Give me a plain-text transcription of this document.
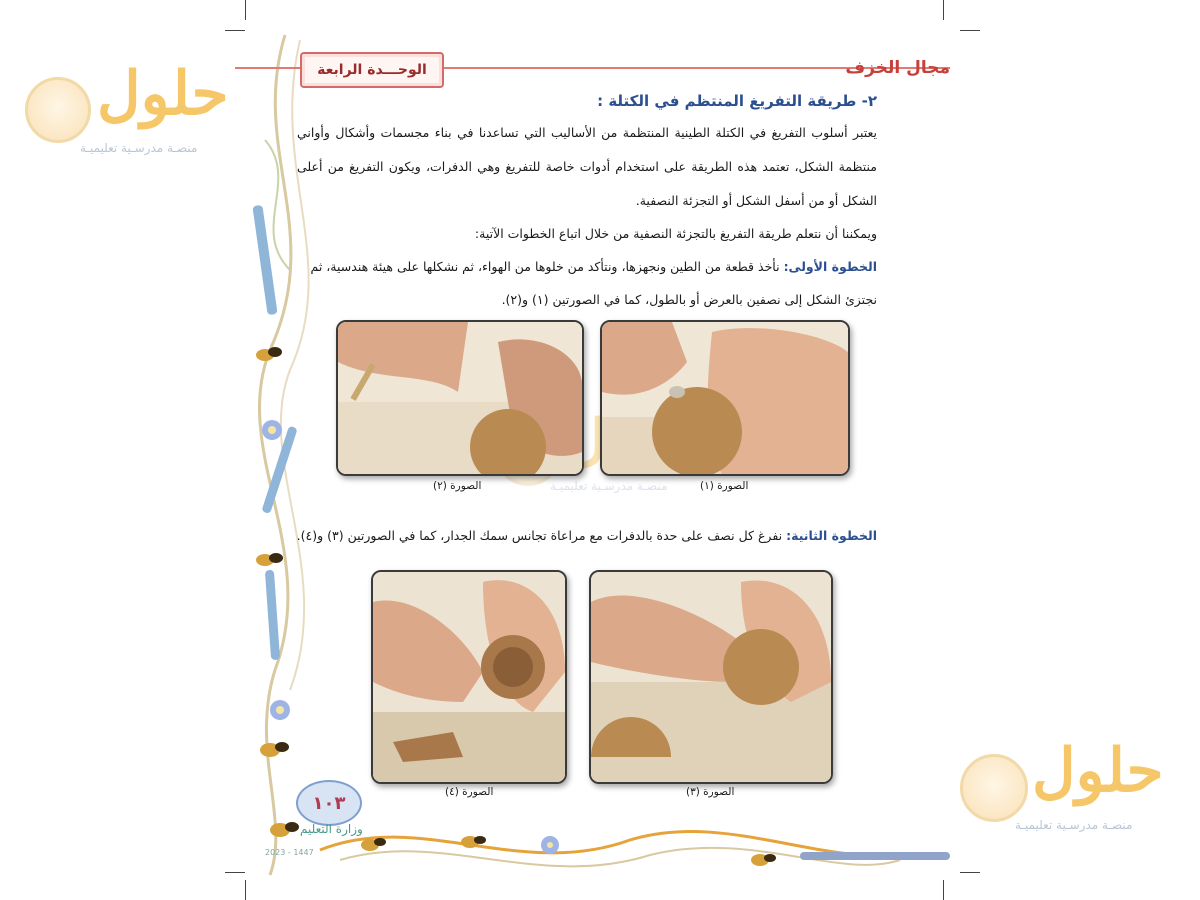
١٠٣
وزارة التعليم
2023 - 1447
حلول
منصـة مدرسـية تعليميـة
منصـة مدرسـية تعليميـة
حلول
منصـة مدرسـية تعليميـة
الوحـــدة الرابعة	مجال الخزف
٢- طريقة التفريغ المنتظم في الكتلة :
يعتبر أسلوب التفريغ في الكتلة الطينية المنتظمة من الأساليب التي تساعدنا في بناء مجسمات وأشكال وأواني منتظمة الشكل، تعتمد هذه الطريقة على استخدام أدوات خاصة للتفريغ وهي الدفرات، ويكون التفريغ من أعلى الشكل أو من أسفل الشكل أو التجزئة النصفية.
ويمكننا أن نتعلم طريقة التفريغ بالتجزئة النصفية من خلال اتباع الخطوات الآتية:
الخطوة الأولى: نأخذ قطعة من الطين ونجهزها، ونتأكد من خلوها من الهواء، ثم نشكلها على هيئة هندسية، ثم
نجتزئ الشكل إلى نصفين بالعرض أو بالطول، كما في الصورتين (١) و(٢).
الصورة (١)
الصورة (٢)
الخطوة الثانية: نفرغ كل نصف على حدة بالدفرات مع مراعاة تجانس سمك الجدار، كما في الصورتين (٣) و(٤).
الصورة (٣)
الصورة (٤)
